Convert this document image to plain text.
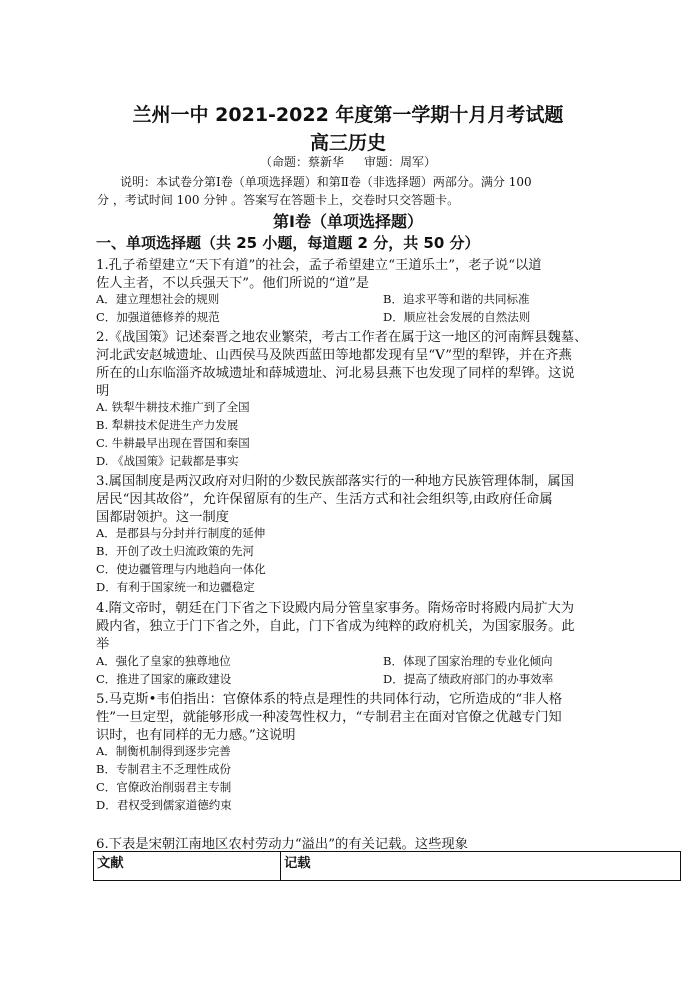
兰州一中 2021-2022 年度第一学期十月月考试题
高三历史
（命题：蔡新华 审题：周军）
说明：本试卷分第Ⅰ卷（单项选择题）和第Ⅱ卷（非选择题）两部分。满分 100
分 ，考试时间 100 分钟 。答案写在答题卡上，交卷时只交答题卡。
第Ⅰ卷（单项选择题）
一、单项选择题（共 25 小题，每道题 2 分，共 50 分）
1.孔子希望建立“天下有道”的社会，孟子希望建立“王道乐土”，老子说“以道
佐人主者，不以兵强天下”。他们所说的“道”是
A．建立理想社会的规则	B．追求平等和谐的共同标准
C．加强道德修养的规范	D．顺应社会发展的自然法则
2.《战国策》记述秦晋之地农业繁荣，考古工作者在属于这一地区的河南辉县魏墓、
河北武安赵城遗址、山西侯马及陕西蓝田等地都发现有呈“V”型的犁铧，并在齐燕
所在的山东临淄齐故城遗址和薛城遗址、河北易县燕下也发现了同样的犁铧。这说
明
A. 铁犁牛耕技术推广到了全国
B. 犁耕技术促进生产力发展
C. 牛耕最早出现在晋国和秦国
D. 《战国策》记载都是事实
3.属国制度是两汉政府对归附的少数民族部落实行的一种地方民族管理体制，属国
居民“因其故俗”，允许保留原有的生产、生活方式和社会组织等,由政府任命属
国都尉领护。这一制度
A．是郡县与分封并行制度的延伸
B．开创了改土归流政策的先河
C．使边疆管理与内地趋向一体化
D．有利于国家统一和边疆稳定
4.隋文帝时，朝廷在门下省之下设殿内局分管皇家事务。隋炀帝时将殿内局扩大为
殿内省，独立于门下省之外，自此，门下省成为纯粹的政府机关，为国家服务。此
举
A．强化了皇家的独尊地位	B．体现了国家治理的专业化倾向
C．推进了国家的廉政建设	D．提高了绩政府部门的办事效率
5.马克斯•韦伯指出：官僚体系的特点是理性的共同体行动，它所造成的“非人格
性”一旦定型，就能够形成一种凌驾性权力，“专制君主在面对官僚之优越专门知
识时，也有同样的无力感。”这说明
A．制衡机制得到逐步完善
B．专制君主不乏理性成份
C．官僚政治削弱君主专制
D．君权受到儒家道德约束
6.下表是宋朝江南地区农村劳动力“溢出”的有关记载。这些现象
文献	记载
